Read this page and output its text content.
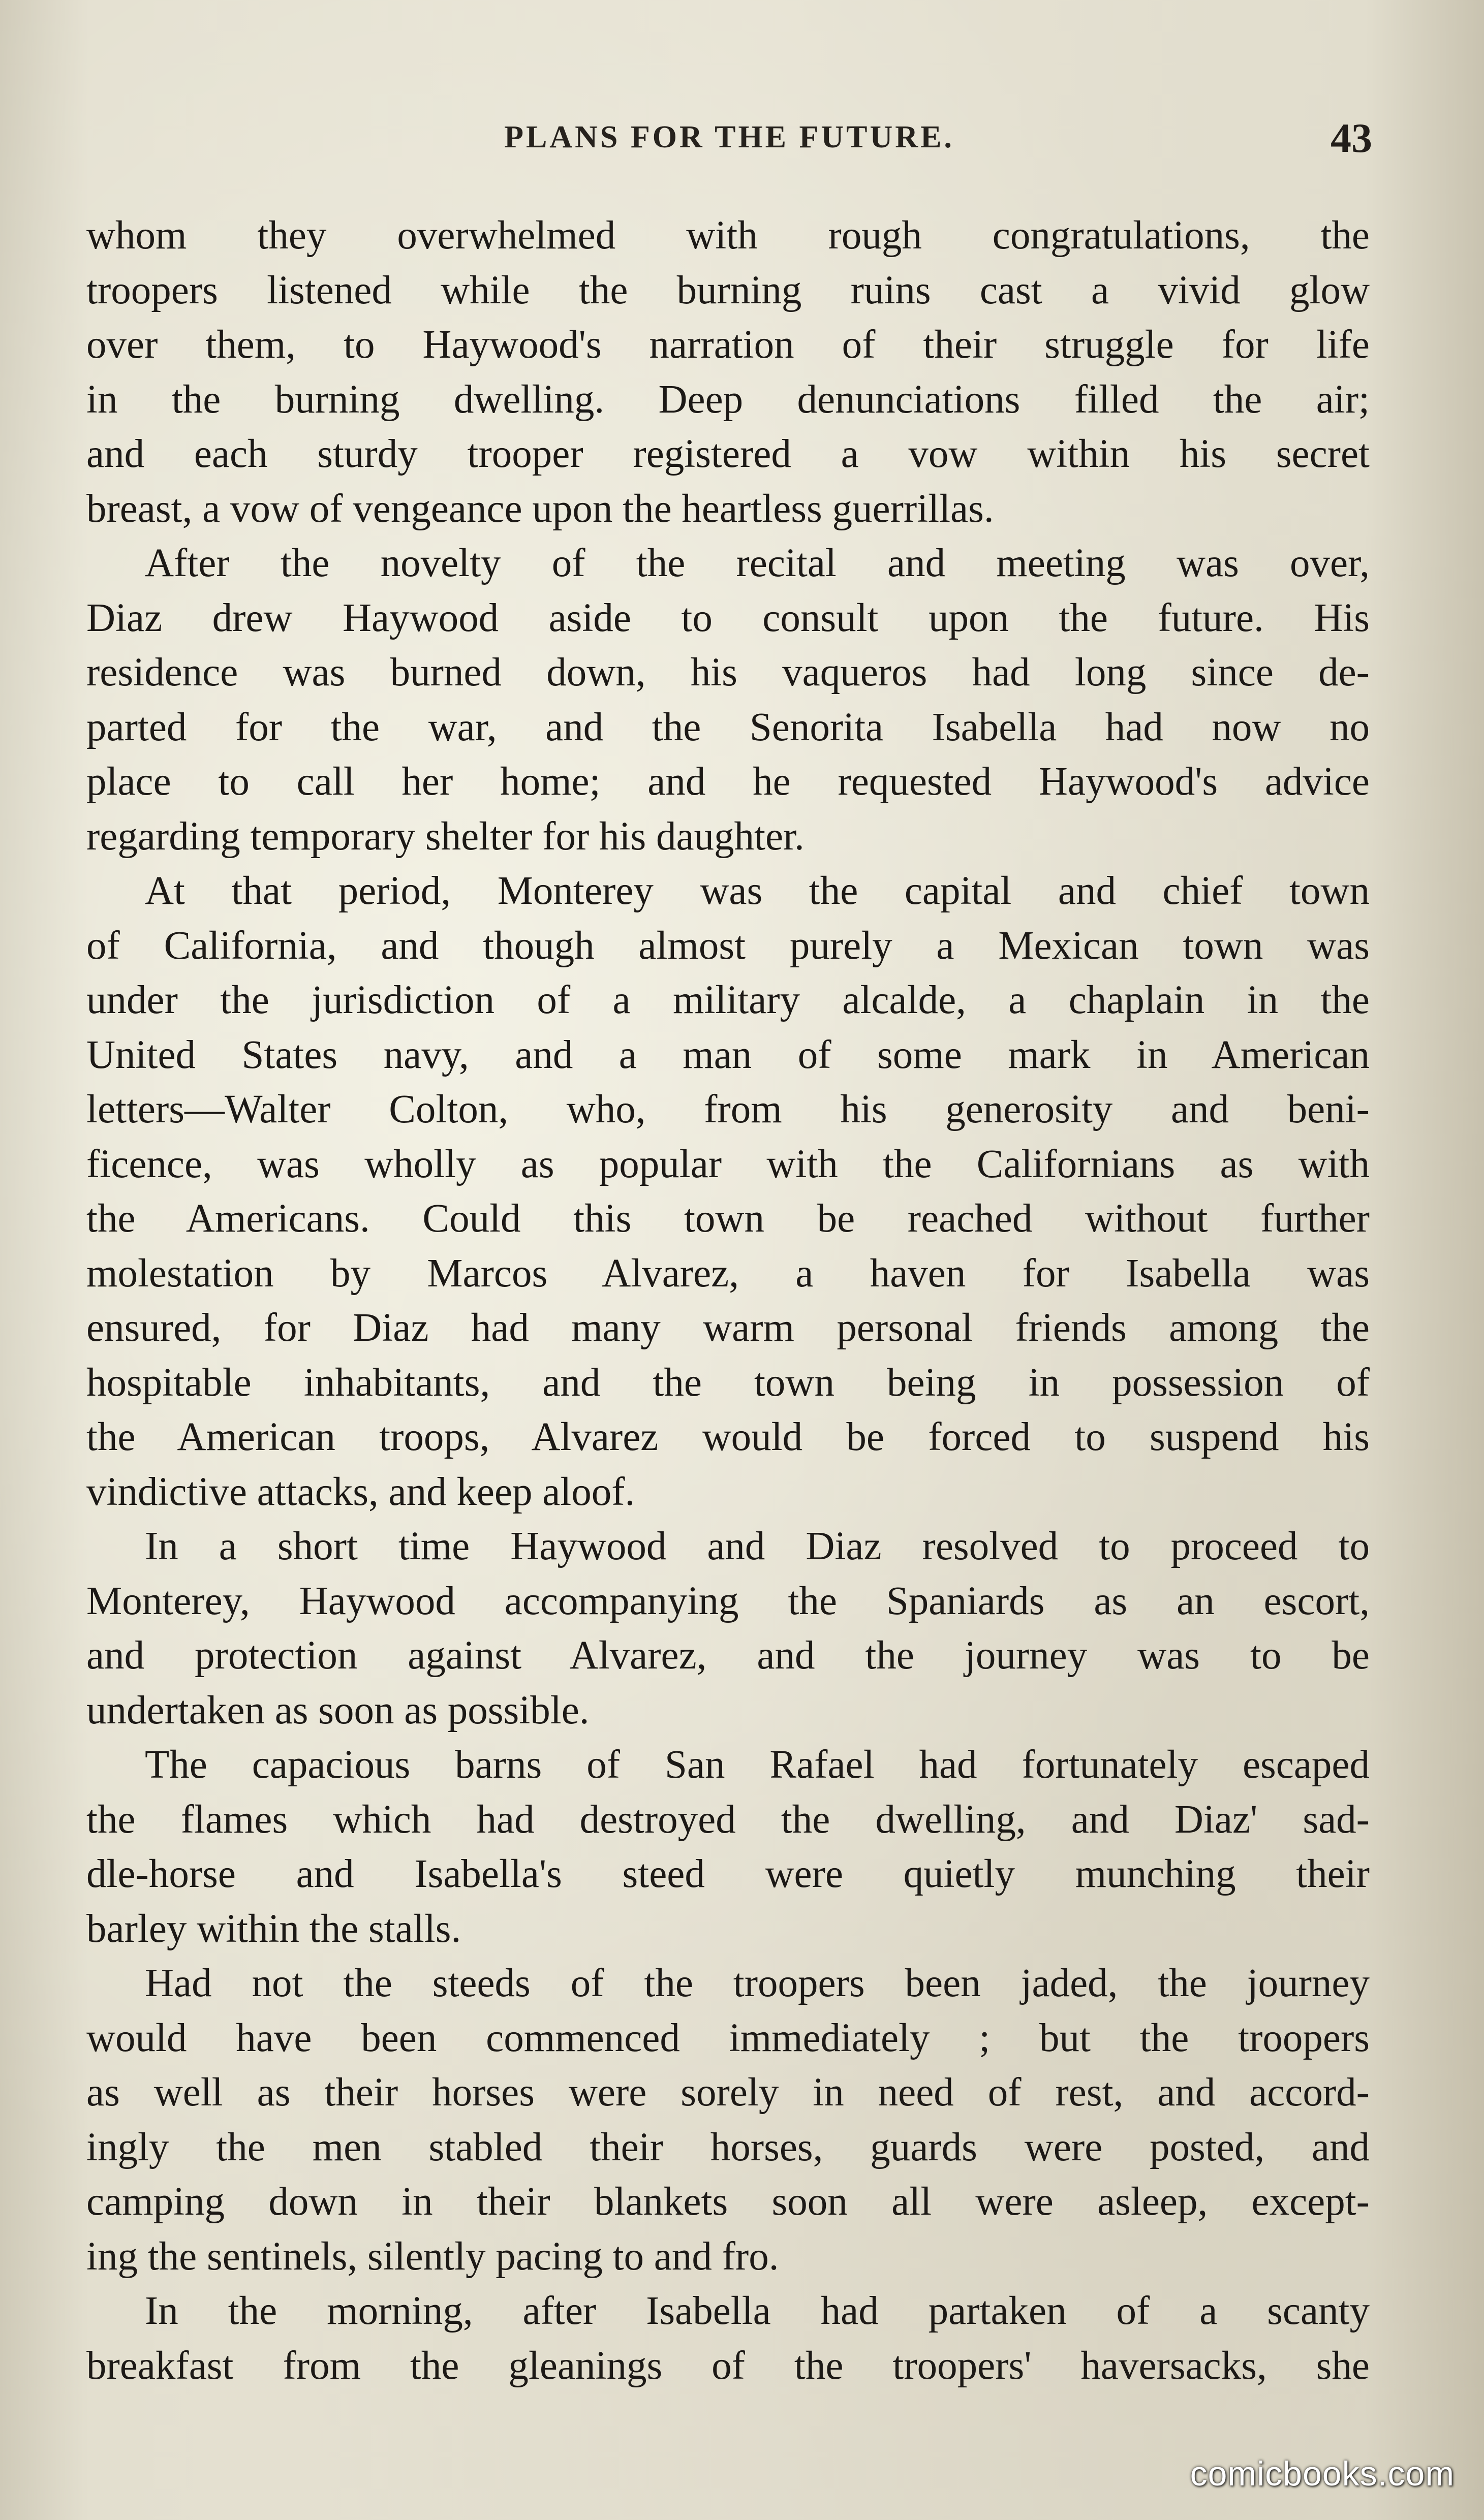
PLANS FOR THE FUTURE.	43
whom they overwhelmed with rough congratulations, the
troopers listened while the burning ruins cast a vivid glow
over them, to Haywood's narration of their struggle for life
in the burning dwelling. Deep denunciations filled the air;
and each sturdy trooper registered a vow within his secret
breast, a vow of vengeance upon the heartless guerrillas.
After the novelty of the recital and meeting was over,
Diaz drew Haywood aside to consult upon the future. His
residence was burned down, his vaqueros had long since de-
parted for the war, and the Senorita Isabella had now no
place to call her home; and he requested Haywood's advice
regarding temporary shelter for his daughter.
At that period, Monterey was the capital and chief town
of California, and though almost purely a Mexican town was
under the jurisdiction of a military alcalde, a chaplain in the
United States navy, and a man of some mark in American
letters—Walter Colton, who, from his generosity and beni-
ficence, was wholly as popular with the Californians as with
the Americans. Could this town be reached without further
molestation by Marcos Alvarez, a haven for Isabella was
ensured, for Diaz had many warm personal friends among the
hospitable inhabitants, and the town being in possession of
the American troops, Alvarez would be forced to suspend his
vindictive attacks, and keep aloof.
In a short time Haywood and Diaz resolved to proceed to
Monterey, Haywood accompanying the Spaniards as an escort,
and protection against Alvarez, and the journey was to be
undertaken as soon as possible.
The capacious barns of San Rafael had fortunately escaped
the flames which had destroyed the dwelling, and Diaz' sad-
dle-horse and Isabella's steed were quietly munching their
barley within the stalls.
Had not the steeds of the troopers been jaded, the journey
would have been commenced immediately ; but the troopers
as well as their horses were sorely in need of rest, and accord-
ingly the men stabled their horses, guards were posted, and
camping down in their blankets soon all were asleep, except-
ing the sentinels, silently pacing to and fro.
In the morning, after Isabella had partaken of a scanty
breakfast from the gleanings of the troopers' haversacks, she
comicbooks.com
